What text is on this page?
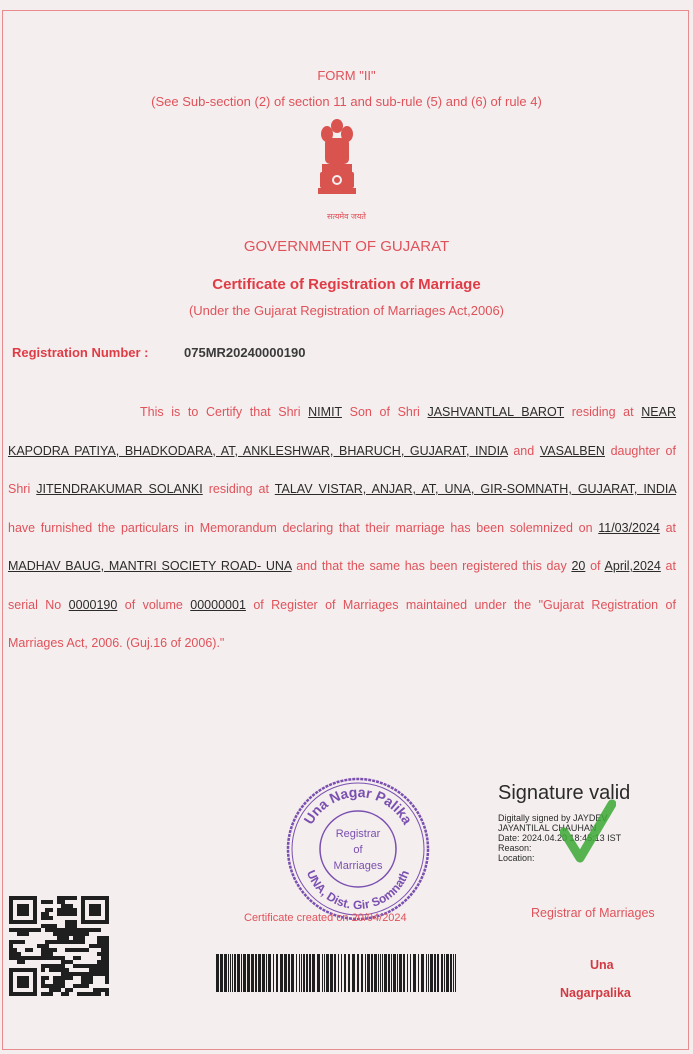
FORM "II"
(See Sub-section (2) of section 11 and sub-rule (5) and (6) of rule 4)
सत्यमेव जयते
GOVERNMENT OF GUJARAT
Certificate of Registration of Marriage
(Under the Gujarat Registration of Marriages Act,2006)
Registration Number :	075MR20240000190
This is to Certify that Shri NIMIT Son of Shri JASHVANTLAL BAROT residing at NEAR KAPODRA PATIYA, BHADKODARA, AT, ANKLESHWAR, BHARUCH, GUJARAT, INDIA and VASALBEN daughter of Shri JITENDRAKUMAR SOLANKI residing at TALAV VISTAR, ANJAR, AT, UNA, GIR-SOMNATH, GUJARAT, INDIA have furnished the particulars in Memorandum declaring that their marriage has been solemnized on 11/03/2024 at MADHAV BAUG, MANTRI SOCIETY ROAD- UNA and that the same has been registered this day 20 of April,2024 at serial No 0000190 of volume 00000001 of Register of Marriages maintained under the "Gujarat Registration of Marriages Act, 2006. (Guj.16 of 2006)."
Una Nagar Palika
UNA, Dist. Gir Somnath
Registrar
of
Marriages
Signature valid
Digitally signed by JAYDEV
JAYANTILAL CHAUHAN
Date: 2024.04.20 18:45:13 IST
Reason:
Location:
Certificate created on 20/04/2024	Registrar of Marriages
Una
Nagarpalika
